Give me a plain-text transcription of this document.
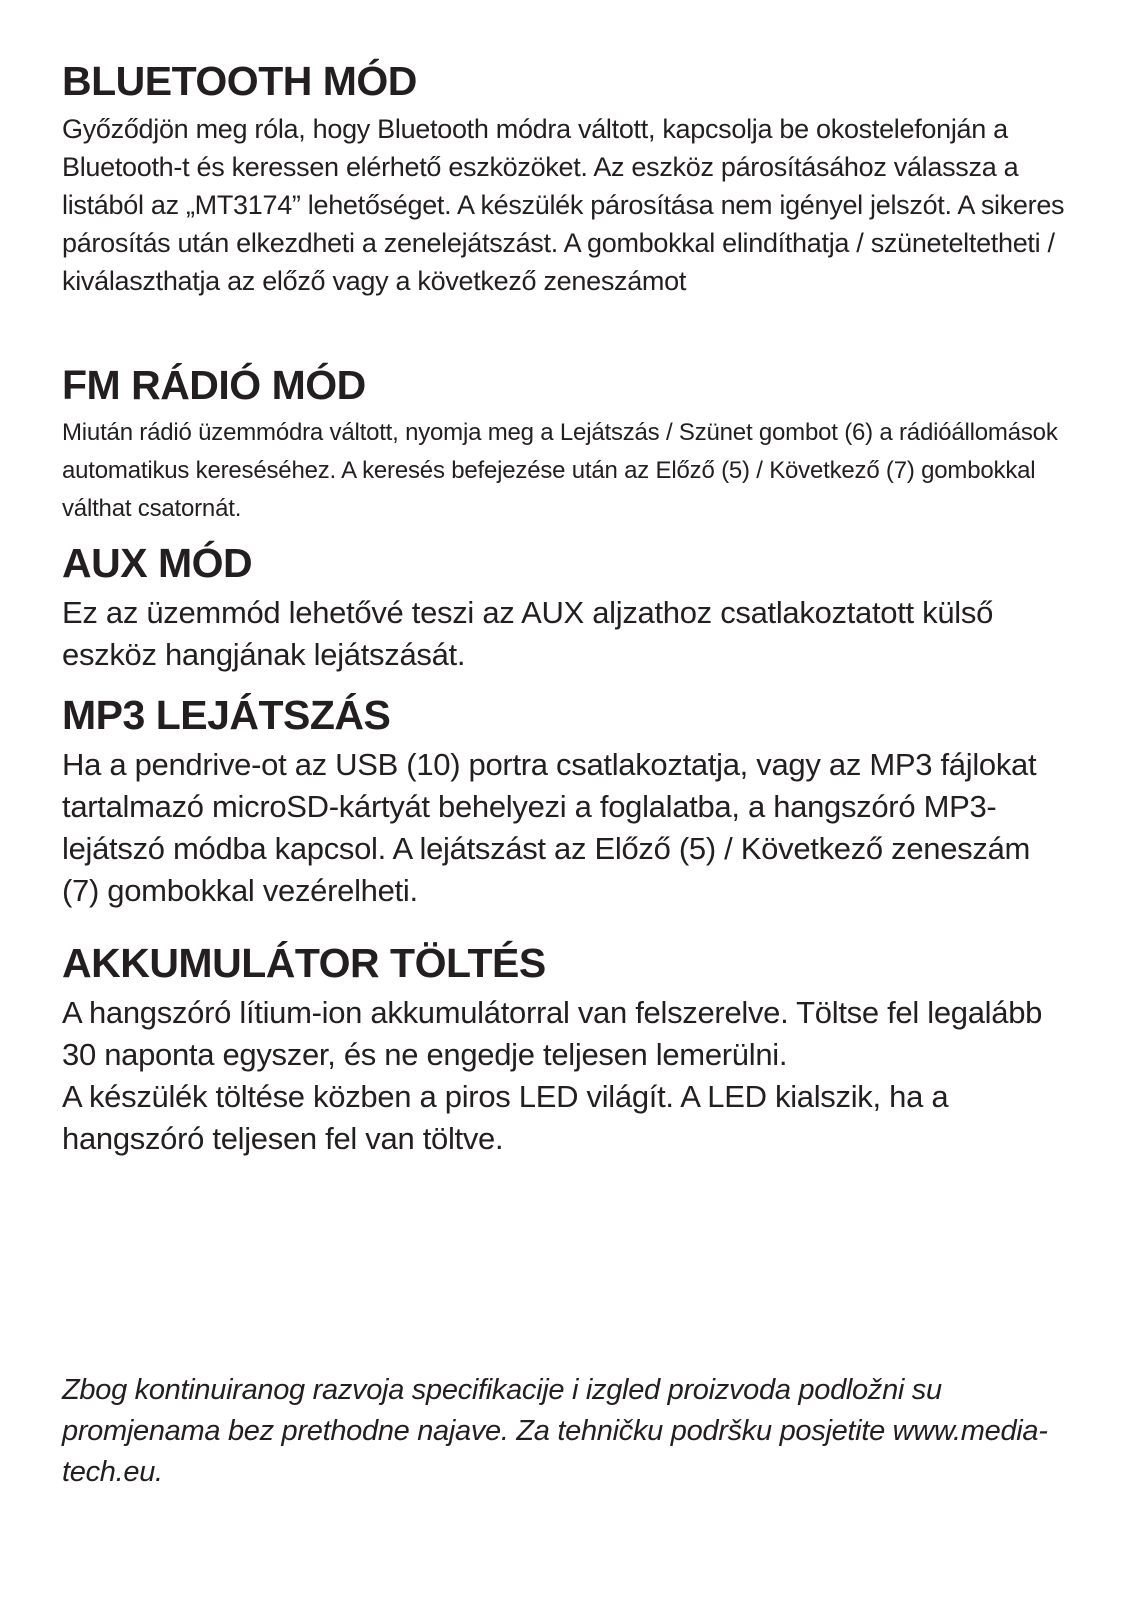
BLUETOOTH MÓD

Győződjön meg róla, hogy Bluetooth módra váltott, kapcsolja be okostelefonján a Bluetooth-t és keressen elérhető eszközöket. Az eszköz párosításához válassza a listából az „MT3174” lehetőséget. A készülék párosítása nem igényel jelszót. A sikeres párosítás után elkezdheti a zenelejátszást. A gombokkal elindíthatja / szüneteltetheti / kiválaszthatja az előző vagy a következő zeneszámot

FM RÁDIÓ MÓD

Miután rádió üzemmódra váltott, nyomja meg a Lejátszás / Szünet gombot (6) a rádióállomások automatikus kereséséhez. A keresés befejezése után az Előző (5) / Következő (7) gombokkal válthat csatornát.

AUX MÓD

Ez az üzemmód lehetővé teszi az AUX aljzathoz csatlakoztatott külső eszköz hangjának lejátszását.

MP3 LEJÁTSZÁS

Ha a pendrive-ot az USB (10) portra csatlakoztatja, vagy az MP3 fájlokat tartalmazó microSD-kártyát behelyezi a foglalatba, a hangszóró MP3-lejátszó módba kapcsol. A lejátszást az Előző (5) / Következő zeneszám (7) gombokkal vezérelheti.

AKKUMULÁTOR TÖLTÉS

A hangszóró lítium-ion akkumulátorral van felszerelve. Töltse fel legalább 30 naponta egyszer, és ne engedje teljesen lemerülni.

A készülék töltése közben a piros LED világít. A LED kialszik, ha a hangszóró teljesen fel van töltve.

Zbog kontinuiranog razvoja specifikacije i izgled proizvoda podložni su promjenama bez prethodne najave. Za tehničku podršku posjetite www.media-tech.eu.
